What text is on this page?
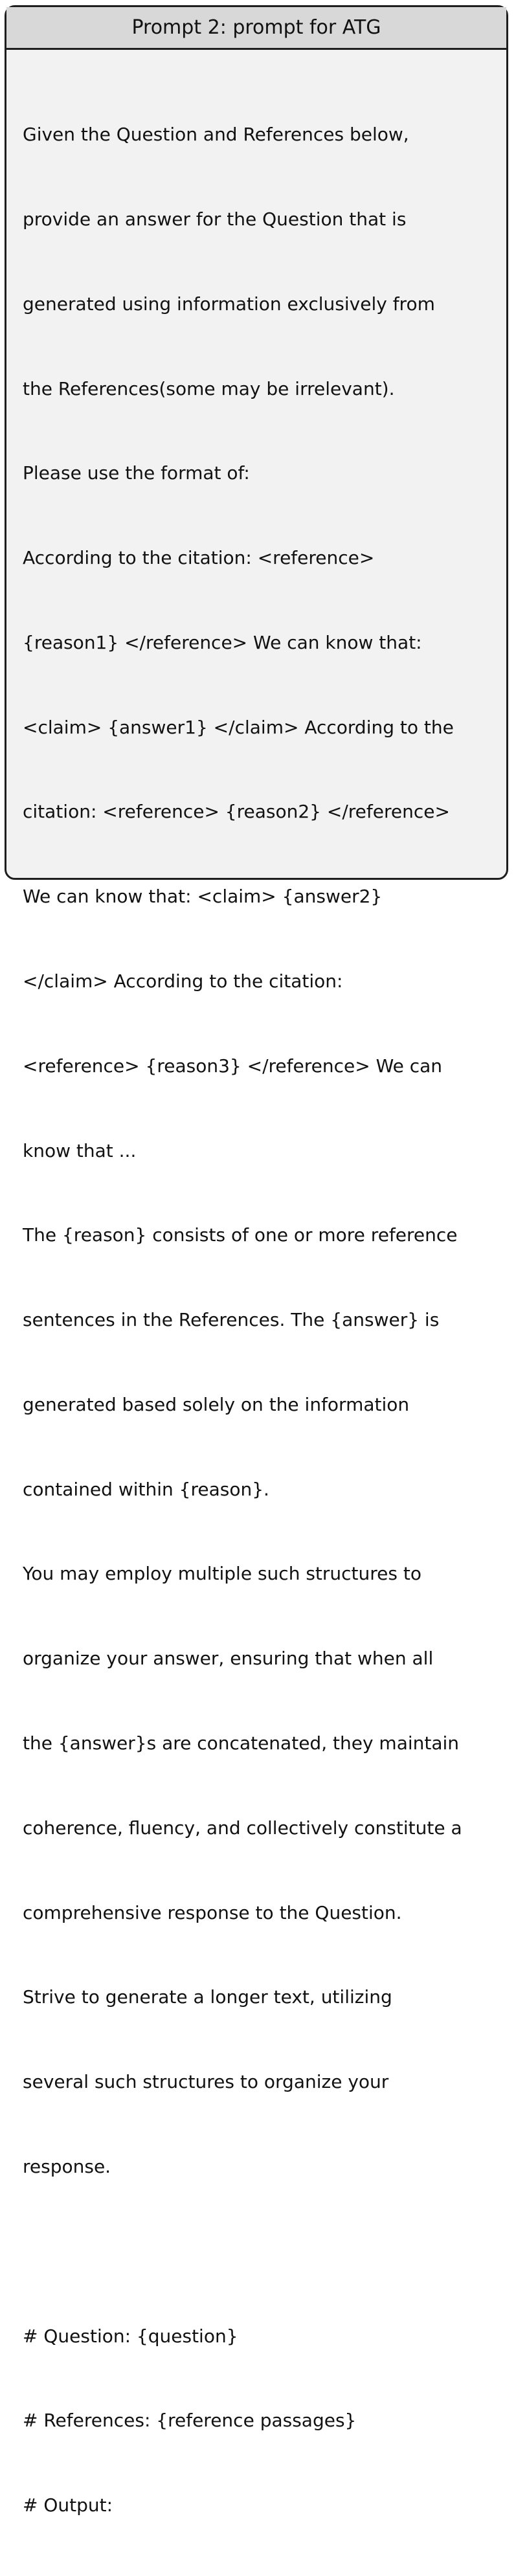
Prompt 2: prompt for ATG

Given the Question and References below,

provide an answer for the Question that is

generated using information exclusively from

the References(some may be irrelevant).

Please use the format of:

According to the citation: <reference>

{reason1} </reference> We can know that:

<claim> {answer1} </claim> According to the

citation: <reference> {reason2} </reference>

We can know that: <claim> {answer2}

</claim> According to the citation:

<reference> {reason3} </reference> We can

know that ...

The {reason} consists of one or more reference

sentences in the References. The {answer} is

generated based solely on the information

contained within {reason}.

You may employ multiple such structures to

organize your answer, ensuring that when all

the {answer}s are concatenated, they maintain

coherence, fluency, and collectively constitute a

comprehensive response to the Question.

Strive to generate a longer text, utilizing

several such structures to organize your

response.

# Question: {question}

# References: {reference passages}

# Output:
